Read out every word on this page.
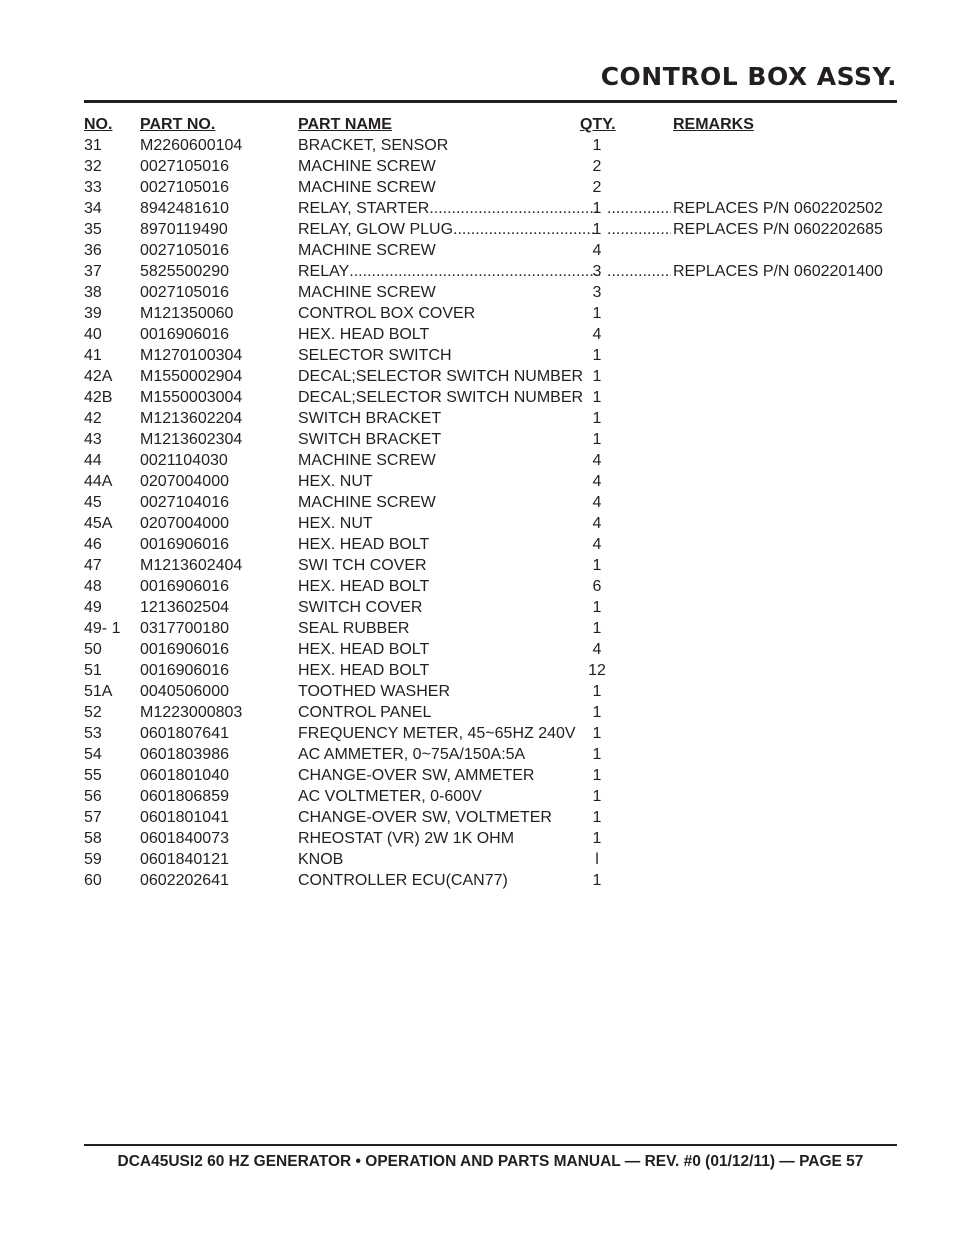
CONTROL BOX ASSY.
NO. PART NO.	PART NAME	QTY.	REMARKS
31 M2260600104	BRACKET, SENSOR	1
32 0027105016	MACHINE SCREW	2
33 0027105016	MACHINE SCREW	2
34 8942481610	RELAY, STARTER .....	1 .....	REPLACES P/N 0602202502
35 8970119490	RELAY, GLOW PLUG .....	1 .....	REPLACES P/N 0602202685
36 0027105016	MACHINE SCREW	4
37 5825500290	RELAY .....	3 .....	REPLACES P/N 0602201400
38 0027105016	MACHINE SCREW	3
39 M121350060	CONTROL BOX COVER	1
40 0016906016	HEX. HEAD BOLT	4
41 M1270100304	SELECTOR SWITCH	1
42A M1550002904	DECAL;SELECTOR SWITCH NUMBER 1
42B M1550003004	DECAL;SELECTOR SWITCH NUMBER 1
42 M1213602204	SWITCH BRACKET	1
43 M1213602304	SWITCH BRACKET	1
44 0021104030	MACHINE SCREW	4
44A 0207004000	HEX. NUT	4
45 0027104016	MACHINE SCREW	4
45A 0207004000	HEX. NUT	4
46 0016906016	HEX. HEAD BOLT	4
47 M1213602404	SWI TCH COVER	1
48 0016906016	HEX. HEAD BOLT	6
49 1213602504	SWITCH COVER	1
49- 1 0317700180	SEAL RUBBER	1
50 0016906016	HEX. HEAD BOLT	4
51 0016906016	HEX. HEAD BOLT	12
51A 0040506000	TOOTHED WASHER	1
52 M1223000803	CONTROL PANEL	1
53 0601807641	FREQUENCY METER, 45~65HZ 240V	1
54 0601803986	AC AMMETER, 0~75A/150A:5A	1
55 0601801040	CHANGE-OVER SW, AMMETER	1
56 0601806859	AC VOLTMETER, 0-600V	1
57 0601801041	CHANGE-OVER SW, VOLTMETER	1
58 0601840073	RHEOSTAT (VR) 2W 1K OHM	1
59 0601840121	KNOB	l
60 0602202641	CONTROLLER ECU(CAN77)	1
DCA45USI2 60 HZ GENERATOR • OPERATION AND PARTS MANUAL — REV. #0 (01/12/11) — PAGE 57
